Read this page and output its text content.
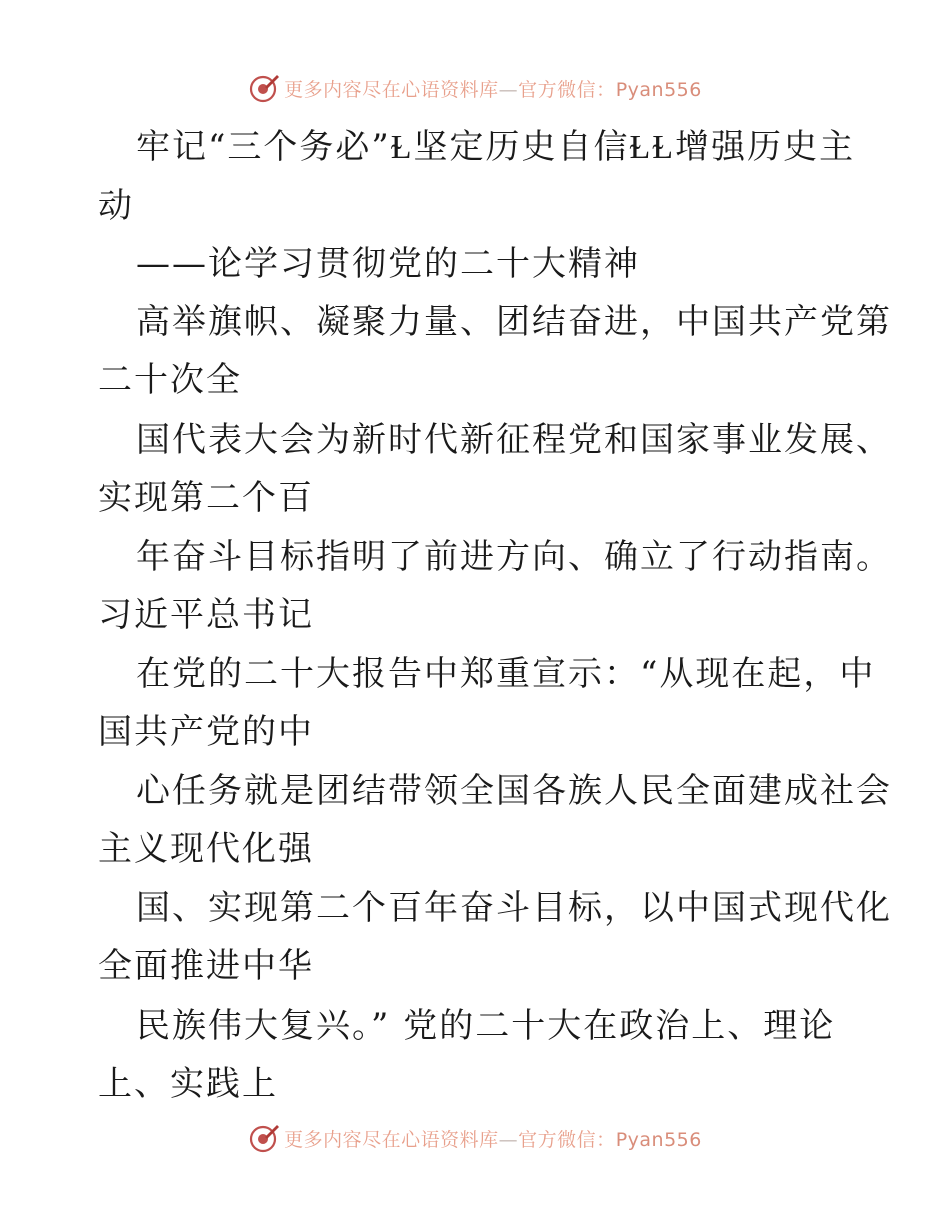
更多内容尽在心语资料库—官方微信：Pyan556
牢记“三个务必”Ɫ坚定历史自信ⱢⱢ增强历史主
动
——论学习贯彻党的二十大精神
高举旗帜、凝聚力量、团结奋进，中国共产党第
二十次全
国代表大会为新时代新征程党和国家事业发展、
实现第二个百
年奋斗目标指明了前进方向、确立了行动指南。
习近平总书记
在党的二十大报告中郑重宣示：“从现在起，中
国共产党的中
心任务就是团结带领全国各族人民全面建成社会
主义现代化强
国、实现第二个百年奋斗目标，以中国式现代化
全面推进中华
民族伟大复兴。” 党的二十大在政治上、理论
上、实践上
更多内容尽在心语资料库—官方微信：Pyan556
